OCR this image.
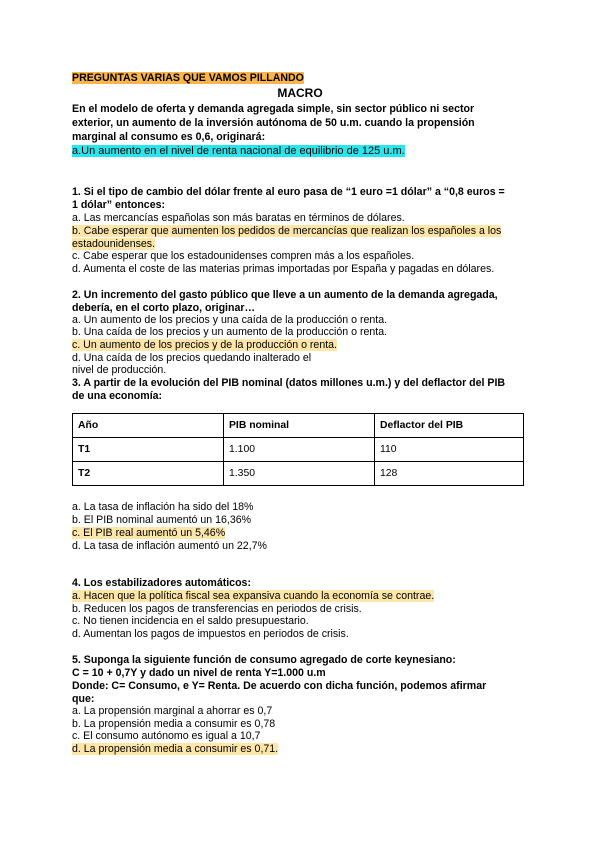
PREGUNTAS VARIAS QUE VAMOS PILLANDO
MACRO
En el modelo de oferta y demanda agregada simple, sin sector público ni sector
exterior, un aumento de la inversión autónoma de 50 u.m. cuando la propensión
marginal al consumo es 0,6, originará:
a.Un aumento en el nivel de renta nacional de equilibrio de 125 u.m.
1. Si el tipo de cambio del dólar frente al euro pasa de “1 euro =1 dólar” a “0,8 euros =
1 dólar” entonces:
a. Las mercancías españolas son más baratas en términos de dólares.
b. Cabe esperar que aumenten los pedidos de mercancías que realizan los españoles a los
estadounidenses.
c. Cabe esperar que los estadounidenses compren más a los españoles.
d. Aumenta el coste de las materias primas importadas por España y pagadas en dólares.
2. Un incremento del gasto público que lleve a un aumento de la demanda agregada,
debería, en el corto plazo, originar…
a. Un aumento de los precios y una caída de la producción o renta.
b. Una caída de los precios y un aumento de la producción o renta.
c. Un aumento de los precios y de la producción o renta.
d. Una caída de los precios quedando inalterado el
nivel de producción.
3. A partir de la evolución del PIB nominal (datos millones u.m.) y del deflactor del PIB
de una economía:
Año	PIB nominal	Deflactor del PIB
T1	1.100	110
T2	1.350	128
a. La tasa de inflación ha sido del 18%
b. El PIB nominal aumentó un 16,36%
c. El PIB real aumentó un 5,46%
d. La tasa de inflación aumentó un 22,7%
4. Los estabilizadores automáticos:
a. Hacen que la política fiscal sea expansiva cuando la economía se contrae.
b. Reducen los pagos de transferencias en periodos de crisis.
c. No tienen incidencia en el saldo presupuestario.
d. Aumentan los pagos de impuestos en periodos de crisis.
5. Suponga la siguiente función de consumo agregado de corte keynesiano:
C = 10 + 0,7Y y dado un nivel de renta Y=1.000 u.m
Donde: C= Consumo, e Y= Renta. De acuerdo con dicha función, podemos afirmar
que:
a. La propensión marginal a ahorrar es 0,7
b. La propensión media a consumir es 0,78
c. El consumo autónomo es igual a 10,7
d. La propensión media a consumir es 0,71.
